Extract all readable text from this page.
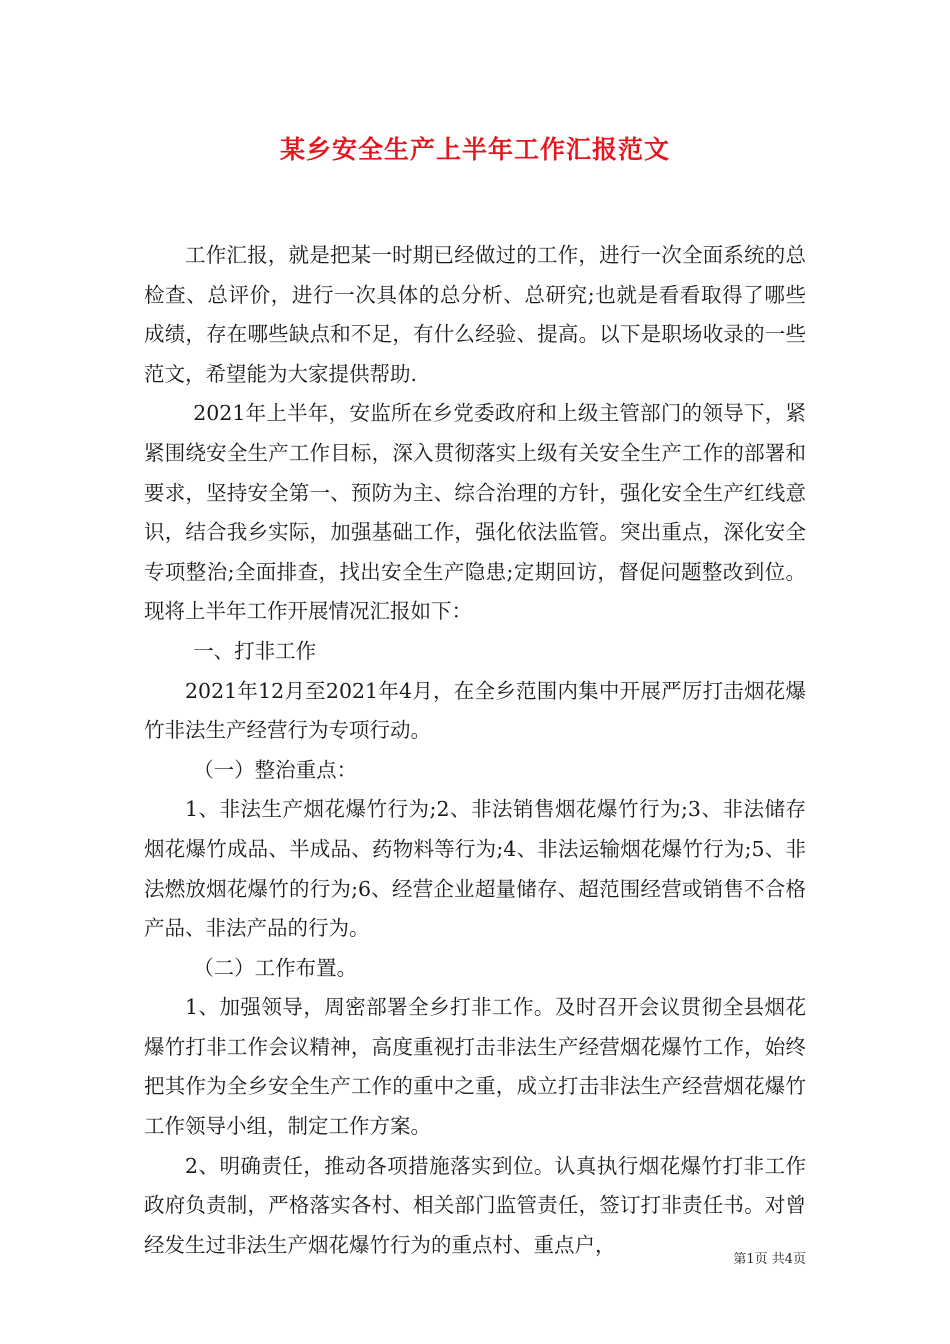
某乡安全生产上半年工作汇报范文

工作汇报，就是把某一时期已经做过的工作，进行一次全面系统的总检查、总评价，进行一次具体的总分析、总研究;也就是看看取得了哪些成绩，存在哪些缺点和不足，有什么经验、提高。以下是职场收录的一些范文，希望能为大家提供帮助.

2021年上半年，安监所在乡党委政府和上级主管部门的领导下，紧紧围绕安全生产工作目标，深入贯彻落实上级有关安全生产工作的部署和要求，坚持安全第一、预防为主、综合治理的方针，强化安全生产红线意识，结合我乡实际，加强基础工作，强化依法监管。突出重点，深化安全专项整治;全面排查，找出安全生产隐患;定期回访，督促问题整改到位。现将上半年工作开展情况汇报如下：

一、打非工作

2021年12月至2021年4月，在全乡范围内集中开展严厉打击烟花爆竹非法生产经营行为专项行动。

（一）整治重点：

1、非法生产烟花爆竹行为;2、非法销售烟花爆竹行为;3、非法储存烟花爆竹成品、半成品、药物料等行为;4、非法运输烟花爆竹行为;5、非法燃放烟花爆竹的行为;6、经营企业超量储存、超范围经营或销售不合格产品、非法产品的行为。

（二）工作布置。

1、加强领导，周密部署全乡打非工作。及时召开会议贯彻全县烟花爆竹打非工作会议精神，高度重视打击非法生产经营烟花爆竹工作，始终把其作为全乡安全生产工作的重中之重，成立打击非法生产经营烟花爆竹工作领导小组，制定工作方案。

2、明确责任，推动各项措施落实到位。认真执行烟花爆竹打非工作政府负责制，严格落实各村、相关部门监管责任，签订打非责任书。对曾经发生过非法生产烟花爆竹行为的重点村、重点户，

第1页 共4页
